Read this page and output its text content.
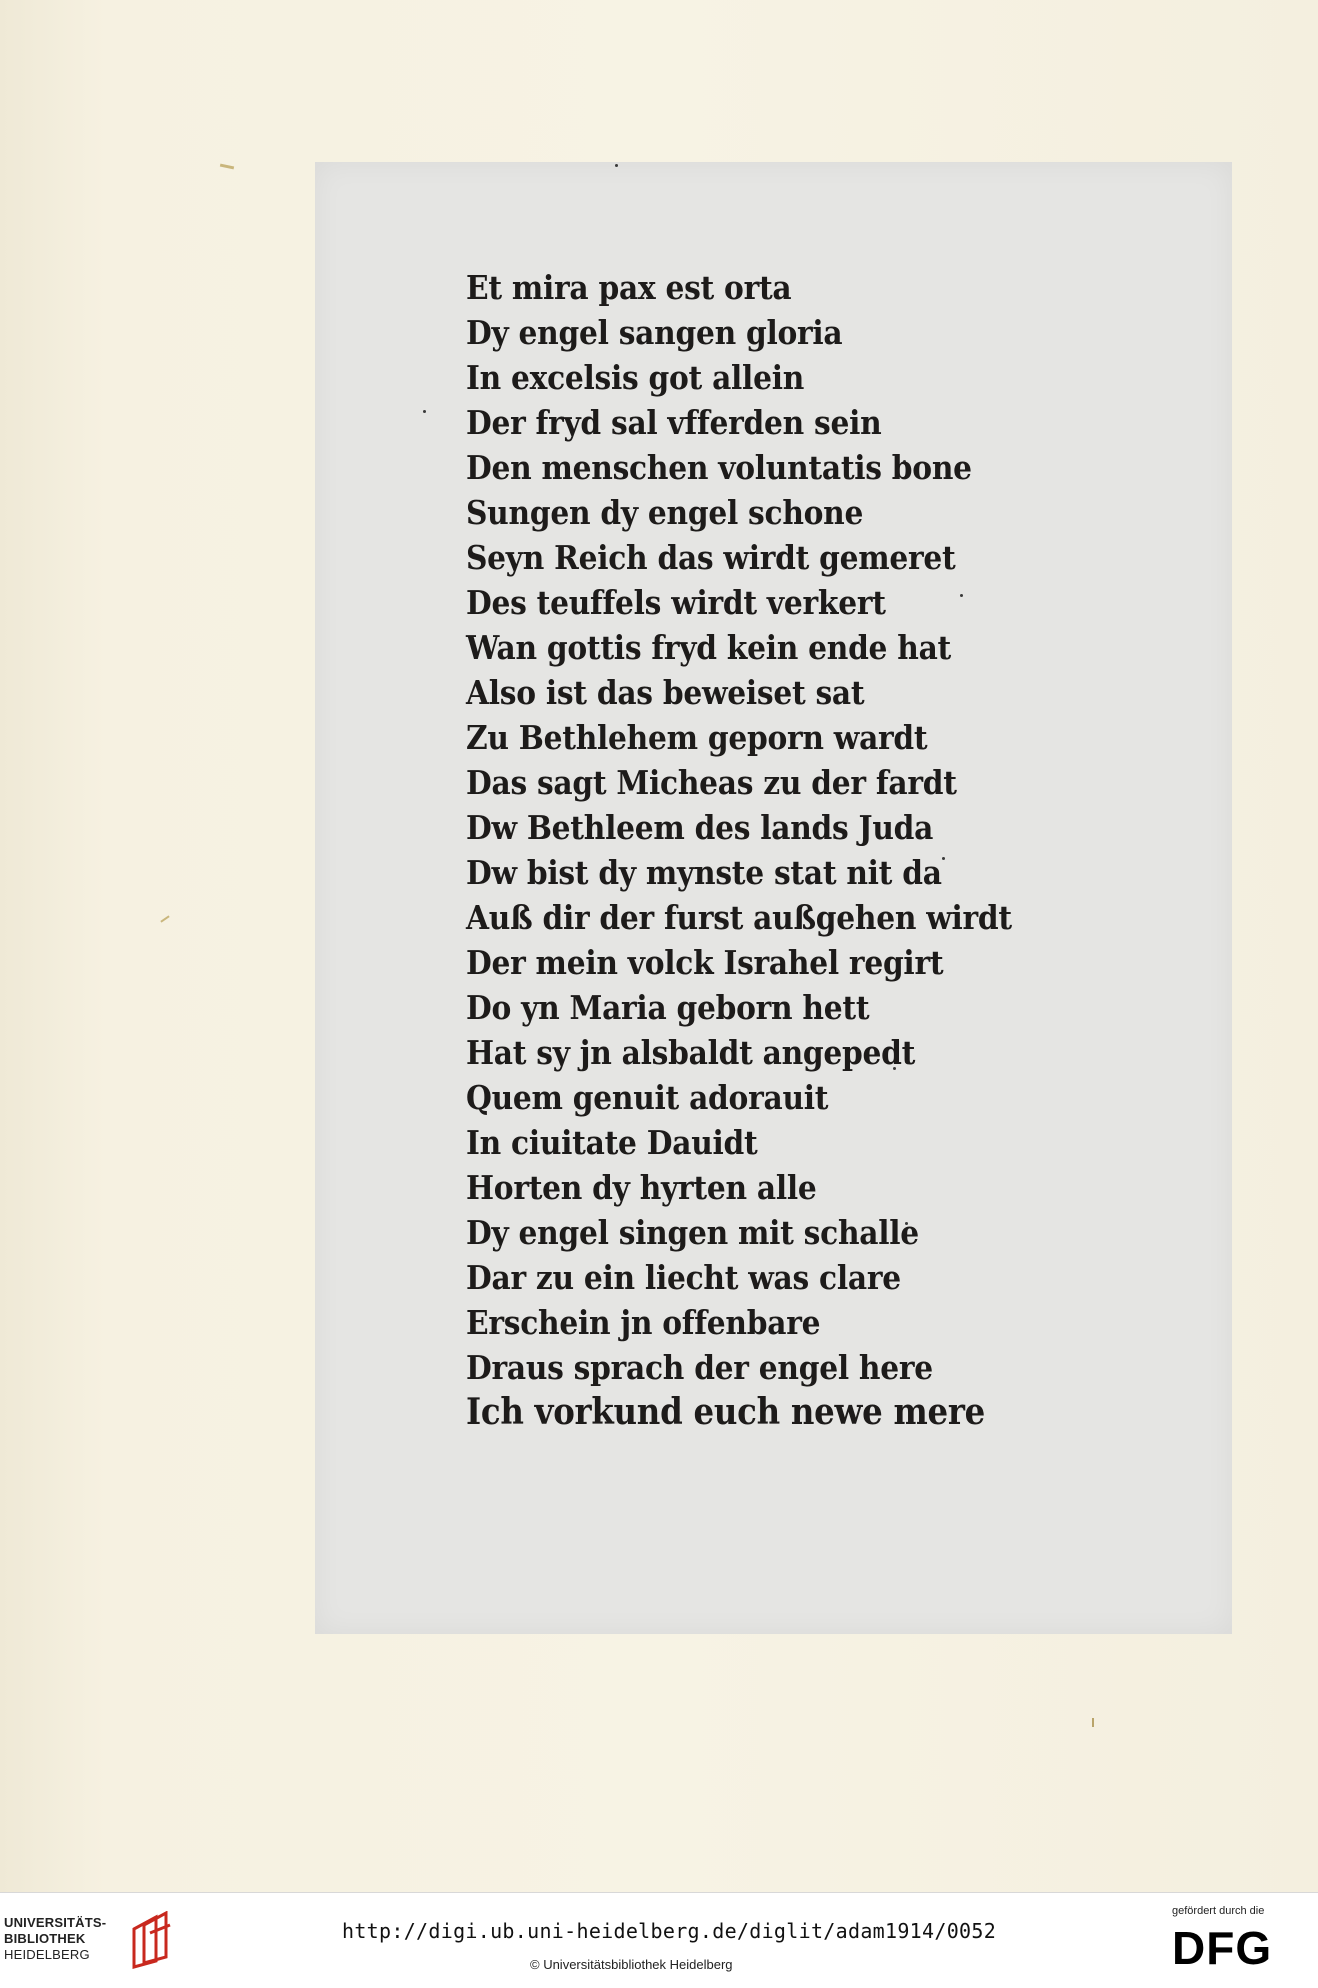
Et mira pax est orta
Dy engel sangen gloria
In excelsis got allein
Der fryd sal vfferden sein
Den menschen voluntatis bone
Sungen dy engel schone
Seyn Reich das wirdt gemeret
Des teuffels wirdt verkert
Wan gottis fryd kein ende hat
Also ist das beweiset sat
Zu Bethlehem geporn wardt
Das sagt Micheas zu der fardt
Dw Bethleem des lands Juda
Dw bist dy mynste stat nit da
Auß dir der furst außgehen wirdt
Der mein volck Israhel regirt
Do yn Maria geborn hett
Hat sy jn alsbaldt angepedt
Quem genuit adorauit
In ciuitate Dauidt
Horten dy hyrten alle
Dy engel singen mit schalle
Dar zu ein liecht was clare
Erschein jn offenbare
Draus sprach der engel here
Ich vorkund euch newe mere
UNIVERSITÄTS-
BIBLIOTHEK
HEIDELBERG
http://digi.ub.uni-heidelberg.de/diglit/adam1914/0052
© Universitätsbibliothek Heidelberg
gefördert durch die
DFG
